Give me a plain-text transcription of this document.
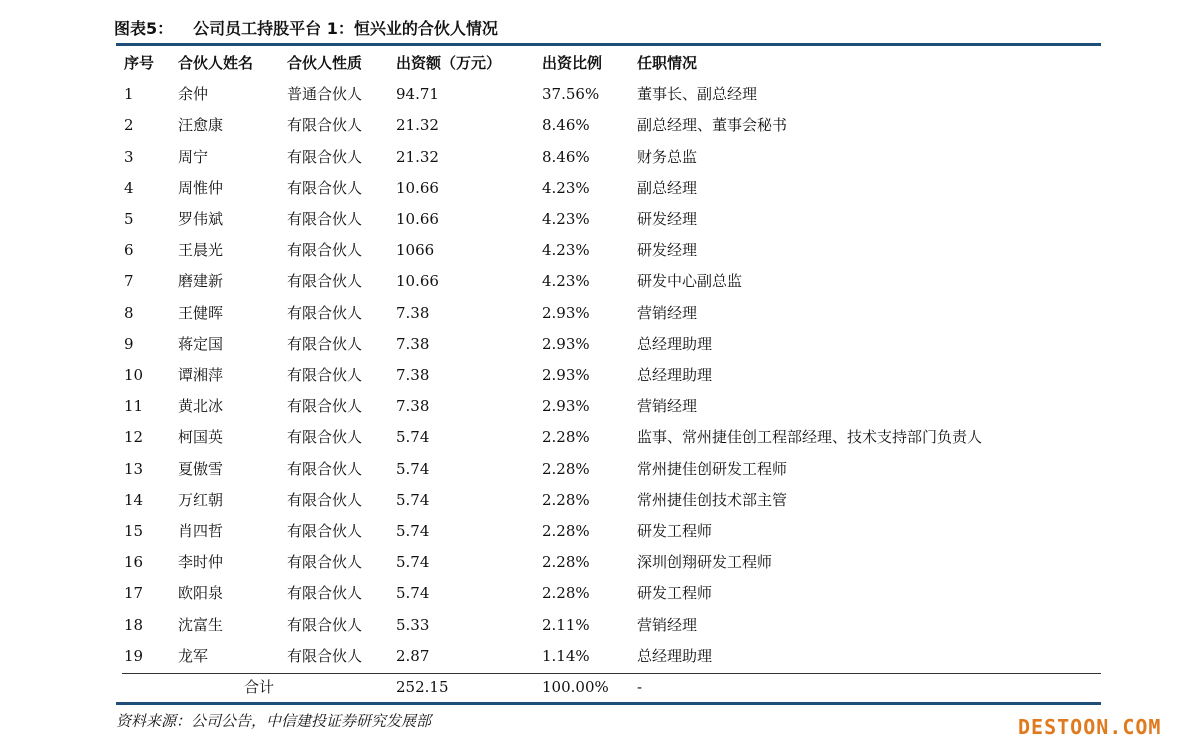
图表5： 公司员工持股平台 1：恒兴业的合伙人情况
序号 合伙人姓名 合伙人性质 出资额（万元）	出资比例 任职情况
1	余仲	普通合伙人 94.71	37.56%	董事长、副总经理
2	汪愈康	有限合伙人 21.32	8.46%	副总经理、董事会秘书
3	周宁	有限合伙人 21.32	8.46%	财务总监
4	周惟仲	有限合伙人 10.66	4.23%	副总经理
5	罗伟斌	有限合伙人 10.66	4.23%	研发经理
6	王晨光	有限合伙人 1066	4.23%	研发经理
7	磨建新	有限合伙人 10.66	4.23%	研发中心副总监
8	王健晖	有限合伙人 7.38	2.93%	营销经理
9	蒋定国	有限合伙人 7.38	2.93%	总经理助理
10 谭湘萍	有限合伙人 7.38	2.93%	总经理助理
11 黄北冰	有限合伙人 7.38	2.93%	营销经理
12 柯国英	有限合伙人 5.74	2.28%	监事、常州捷佳创工程部经理、技术支持部门负责人
13 夏傲雪	有限合伙人 5.74	2.28%	常州捷佳创研发工程师
14 万红朝	有限合伙人 5.74	2.28%	常州捷佳创技术部主管
15 肖四哲	有限合伙人 5.74	2.28%	研发工程师
16 李时仲	有限合伙人 5.74	2.28%	深圳创翔研发工程师
17 欧阳泉	有限合伙人 5.74	2.28%	研发工程师
18 沈富生	有限合伙人 5.33	2.11%	营销经理
19 龙军	有限合伙人 2.87	1.14%	总经理助理
合计	252.15	100.00% -
资料来源：公司公告，中信建投证券研究发展部	DESTOON.COM
